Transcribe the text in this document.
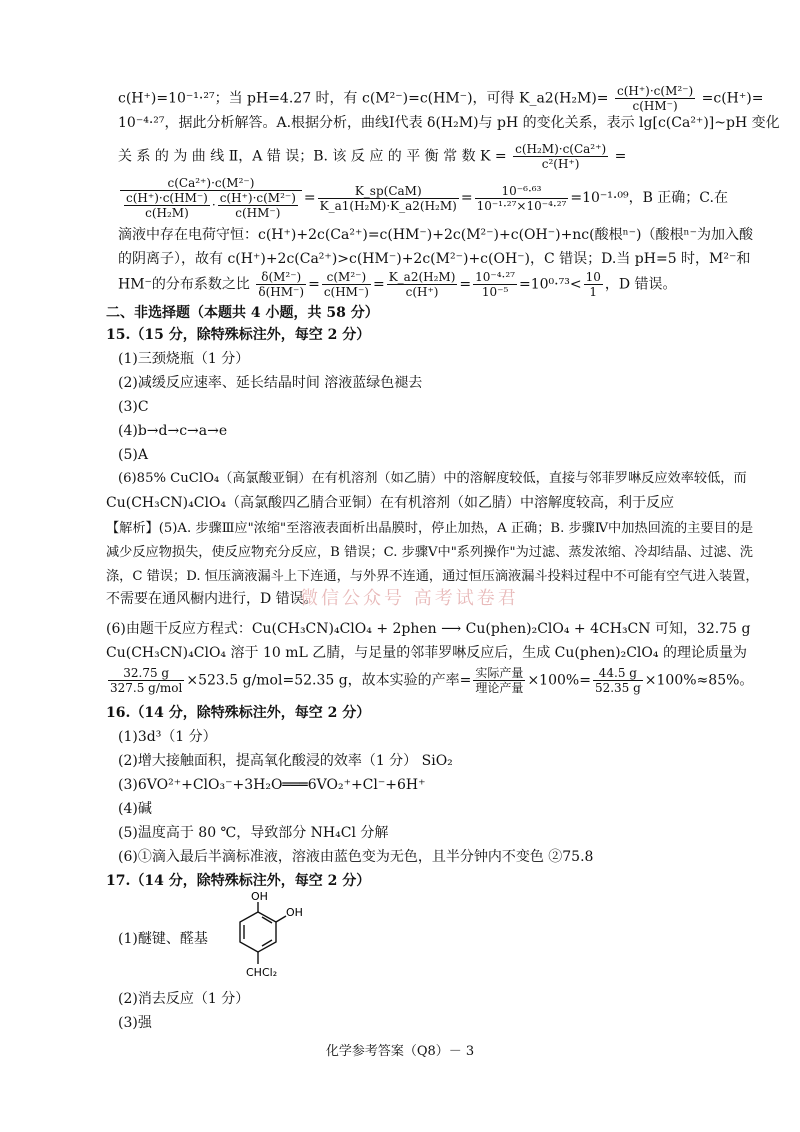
c(H⁺)=10⁻¹·²⁷；当 pH=4.27 时，有 c(M²⁻)=c(HM⁻)，可得 K_a2(H₂M)= $\frac{\text{c(H⁺)·c(M²⁻)}}{c(HM^-)} =c(H^+)=$
10⁻⁴·²⁷，据此分析解答。A.根据分析，曲线Ⅰ代表 δ(H₂M)与 pH 的变化关系，表示 lg[c(Ca²⁺)]~pH 变化
关 系 的 为 曲 线 Ⅱ，A 错 误；B. 该 反 应 的 平 衡 常 数 $K = \frac{\text{c(H₂M)·c(Ca²⁺)}}{\text{c²(H⁺)}}$ =
$\frac{\text{c(Ca²⁺)·c(M²⁻)}}{\frac{c(H^+)\cdot c(HM^-)}{\text{c(H₂M)}} \cdot \frac{\text{c(H⁺)·c(M²⁻)}}{c(HM^-)}} = \frac{\text{K\_sp(CaM)}}{\text{K\_a1(H₂M)·K\_a2(H₂M)}} = \frac{\text{10⁻⁶·⁶³}}{\text{10⁻¹·²⁷×10⁻⁴·²⁷}} =10^{-1}\cdot^{09}$，B 正确；C.在
滴液中存在电荷守恒：c(H⁺)+2c(Ca²⁺)=c(HM⁻)+2c(M²⁻)+c(OH⁻)+nc(酸根ⁿ⁻)（酸根ⁿ⁻为加入酸
的阴离子），故有 c(H⁺)+2c(Ca²⁺)>c(HM⁻)+2c(M²⁻)+c(OH⁻)，C 错误；D.当 pH=5 时，M²⁻和
HM⁻的分布系数之比 $\frac{\text{δ(M²⁻)}}{\delta(HM^-)} = \frac{\text{c(M²⁻)}}{c(HM^-)} = \frac{\text{K\_a2(H₂M)}}{c(H^+)} = \frac{\text{10⁻⁴·²⁷}}{\text{10⁻⁵}} =10^0\cdot^{73}< \frac{10}{1}$ ，D 错误。
二、非选择题（本题共 4 小题，共 58 分）
15.（15 分，除特殊标注外，每空 2 分）
(1)三颈烧瓶（1 分）
(2)减缓反应速率、延长结晶时间 溶液蓝绿色褪去
(3)C
(4)b→d→c→a→e
(5)A
(6)85% CuClO₄（高氯酸亚铜）在有机溶剂（如乙腈）中的溶解度较低，直接与邻菲罗啉反应效率较低，而
Cu(CH₃CN)₄ClO₄（高氯酸四乙腈合亚铜）在有机溶剂（如乙腈）中溶解度较高，利于反应
【解析】(5)A. 步骤Ⅲ应"浓缩"至溶液表面析出晶膜时，停止加热，A 正确；B. 步骤Ⅳ中加热回流的主要目的是
减少反应物损失，使反应物充分反应，B 错误；C. 步骤Ⅴ中"系列操作"为过滤、蒸发浓缩、冷却结晶、过滤、洗
涤，C 错误；D. 恒压滴液漏斗上下连通，与外界不连通，通过恒压滴液漏斗投料过程中不可能有空气进入装置，
不需要在通风橱内进行，D 错误。
(6)由题干反应方程式：Cu(CH₃CN)₄ClO₄ + 2phen ⟶ Cu(phen)₂ClO₄ + 4CH₃CN 可知，32.75 g
Cu(CH₃CN)₄ClO₄ 溶于 10 mL 乙腈，与足量的邻菲罗啉反应后，生成 Cu(phen)₂ClO₄ 的理论质量为
$\frac{32.75 g}{\text{327.5 g/mol}} \times 523.5$ g/mol=52.35 g，故本实验的产率= $\frac{\text{实际产量}}{\text{理论产量}} \times 100\%= \frac{44.5 g}{52.35 g} \times 100\%\approx 85\%$。
微信公众号 高考试卷君
16.（14 分，除特殊标注外，每空 2 分）
(1)3d³（1 分）
(2)增大接触面积，提高氧化酸浸的效率（1 分） SiO₂
(3)6VO²⁺+ClO₃⁻+3H₂O═══6VO₂⁺+Cl⁻+6H⁺
(4)碱
(5)温度高于 80 ℃，导致部分 NH₄Cl 分解
(6)①滴入最后半滴标准液，溶液由蓝色变为无色，且半分钟内不变色 ②75.8
17.（14 分，除特殊标注外，每空 2 分）
(1)醚键、醛基
OH
OH
CHCl₂
(2)消去反应（1 分）
(3)强
化学参考答案（Q8）－ 3
